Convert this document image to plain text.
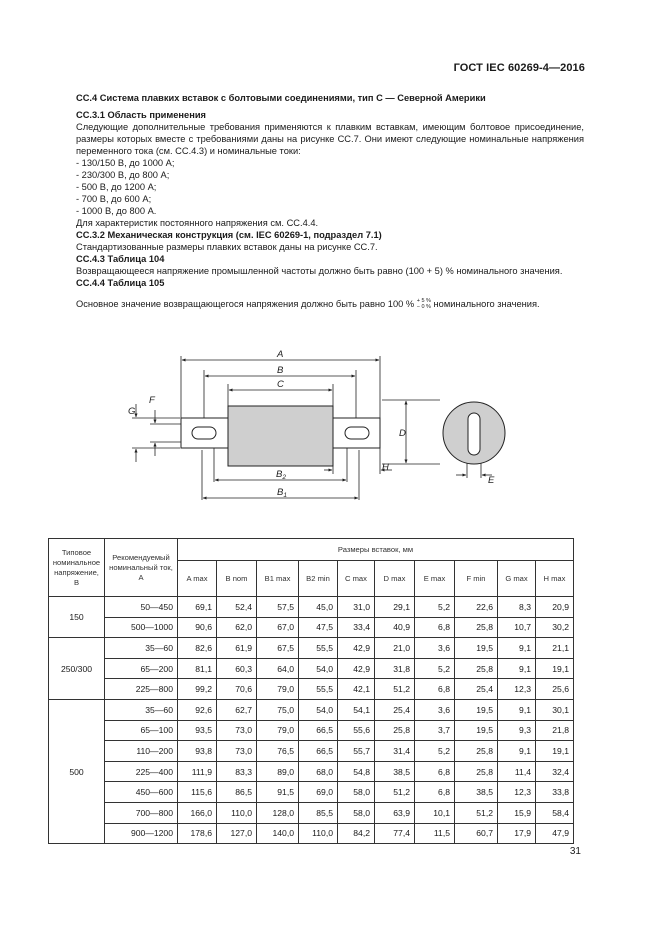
ГОСТ IEC 60269-4—2016

СС.4 Система плавких вставок с болтовыми соединениями, тип С — Северной Америки

СС.3.1 Область применения

Следующие дополнительные требования применяются к плавким вставкам, имеющим болтовое присоединение, размеры которых вместе с требованиями даны на рисунке СС.7. Они имеют следующие номинальные напряжения переменного тока (см. СС.4.3) и номинальные токи:

- 130/150 В, до 1000 А;

- 230/300 В, до 800 А;

- 500 В, до 1200 А;

- 700 В, до 600 А;

- 1000 В, до 800 А.

Для характеристик постоянного напряжения см. СС.4.4.

СС.3.2 Механическая конструкция (см. IEC 60269-1, подраздел 7.1)

Стандартизованные размеры плавких вставок даны на рисунке СС.7.

СС.4.3 Таблица 104

Возвращающееся напряжение промышленной частоты должно быть равно (100 + 5) % номинального значения.

СС.4.4 Таблица 105

Основное значение возвращающегося напряжения должно быть равно 100 % + 5 %
− 0 % номинального значения.

A
B
C
$B_2$
$B_1$
D
E
F
G
H
Типовое номинальное напряжение, В	Рекомендуемый номинальный ток, А	Размеры вставок, мм									
		A max	B nom	B1 max	B2 min	C max	D max	E max	F min	G max	H max
150	50—450	69,1	52,4	57,5	45,0	31,0	29,1	5,2	22,6	8,3	20,9
	500—1000	90,6	62,0	67,0	47,5	33,4	40,9	6,8	25,8	10,7	30,2
250/300	35—60	82,6	61,9	67,5	55,5	42,9	21,0	3,6	19,5	9,1	21,1
	65—200	81,1	60,3	64,0	54,0	42,9	31,8	5,2	25,8	9,1	19,1
	225—800	99,2	70,6	79,0	55,5	42,1	51,2	6,8	25,4	12,3	25,6
500	35—60	92,6	62,7	75,0	54,0	54,1	25,4	3,6	19,5	9,1	30,1
	65—100	93,5	73,0	79,0	66,5	55,6	25,8	3,7	19,5	9,3	21,8
	110—200	93,8	73,0	76,5	66,5	55,7	31,4	5,2	25,8	9,1	19,1
	225—400	111,9	83,3	89,0	68,0	54,8	38,5	6,8	25,8	11,4	32,4
	450—600	115,6	86,5	91,5	69,0	58,0	51,2	6,8	38,5	12,3	33,8
	700—800	166,0	110,0	128,0	85,5	58,0	63,9	10,1	51,2	15,9	58,4
	900—1200	178,6	127,0	140,0	110,0	84,2	77,4	11,5	60,7	17,9	47,9
31
